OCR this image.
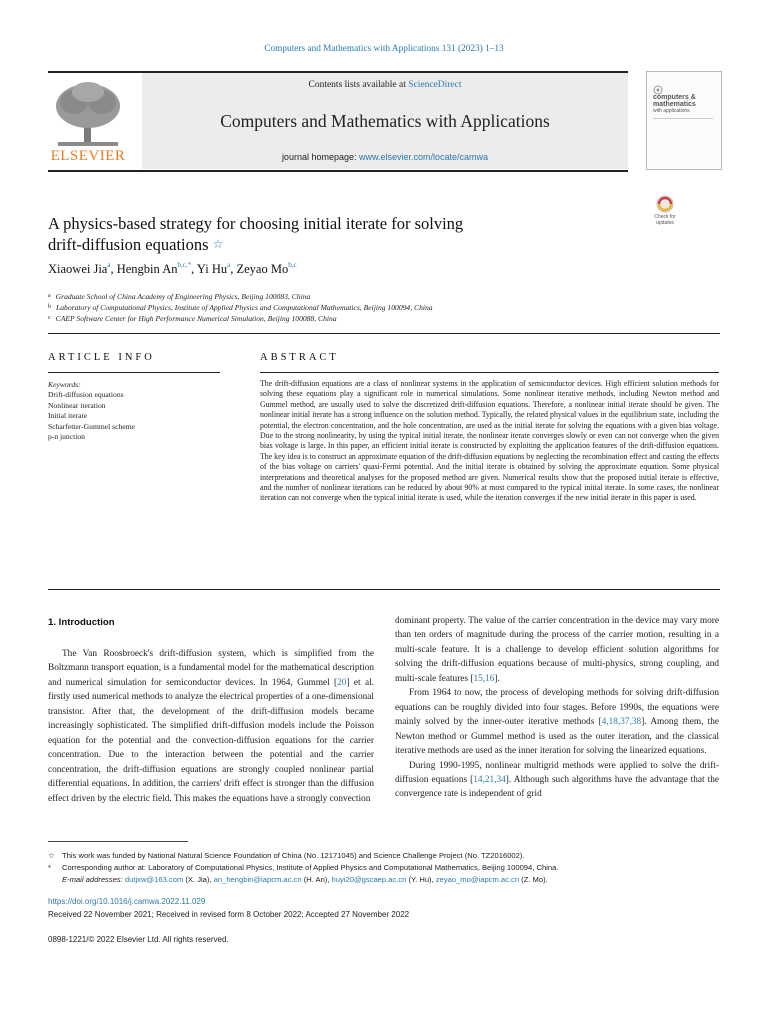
Computers and Mathematics with Applications 131 (2023) 1–13
ELSEVIER
Contents lists available at ScienceDirect
Computers and Mathematics with Applications
journal homepage: www.elsevier.com/locate/camwa
computers &
mathematics
with applications
A physics-based strategy for choosing initial iterate for solving
drift-diffusion equations ☆
Check for
updates
Xiaowei Jia$^a$, Hengbin $An^{b,c,*}$, Yi Hu$^a$, Zeyao Mo$^{b,c}$
$^a$ Graduate School of China Academy of Engineering Physics, Beijing 100083, China
$^b$ Laboratory of Computational Physics, Institute of Applied Physics and Computational Mathematics, Beijing 100094, China
$^c$ CAEP Software Center for High Performance Numerical Simulation, Beijing 100088, China
ARTICLE INFO	ABSTRACT
Keywords:
Drift-diffusion equations
Nonlinear iteration
Initial iterate
Scharfetter-Gummel scheme
p-n junction
The drift-diffusion equations are a class of nonlinear systems in the application of semiconductor devices. High efficient solution methods for solving these equations play a significant role in numerical simulations. Some nonlinear iterative methods, including Newton method and Gummel method, are usually used to solve the discretized drift-diffusion equations. Therefore, a nonlinear initial iterate should be given. The nonlinear initial iterate has a strong influence on the solution method. Typically, the related physical values in the equilibrium state, including the potential, the electron concentration, and the hole concentration, are used as the initial iterate for solving the equations with a given bias voltage. Due to the strong nonlinearity, by using the typical initial iterate, the nonlinear iterate converges slowly or even can not converge when the given bias voltage is large. In this paper, an efficient initial iterate is constructed by exploiting the application features of the drift-diffusion equations. The key idea is to construct an approximate equation of the drift-diffusion equations by neglecting the recombination effect and casting the effects of the bias voltage on carriers' quasi-Fermi potential. And the initial iterate is obtained by solving the approximate equation. Some physical interpretations and theoretical analyses for the proposed method are given. Numerical results show that the proposed initial iterate is effective, and the number of nonlinear iterations can be reduced by about 90% at most compared to the typical initial iterate. In some cases, the nonlinear iteration can not converge when the typical initial iterate is used, while the iteration converges if the new initial iterate in this paper is used.
1. Introduction

The Van Roosbroeck's drift-diffusion system, which is simplified from the Boltzmann transport equation, is a fundamental model for the mathematical description and numerical simulation for semiconductor devices. In 1964, Gummel [20] et al. firstly used numerical methods to analyze the electrical properties of a one-dimensional transistor. After that, the development of the drift-diffusion models became increasingly sophisticated. The simplified drift-diffusion models include the Poisson equation for the potential and the convection-diffusion equations for the carrier concentration. Due to the interaction between the potential and the carrier concentration, the drift-diffusion equations are strongly coupled nonlinear partial differential equations. In addition, the carriers' drift effect is stronger than the diffusion effect driven by the electric field. This makes the equations have a strongly convection

dominant property. The value of the carrier concentration in the device may vary more than ten orders of magnitude during the process of the carrier motion, resulting in a multi-scale feature. It is a challenge to develop efficient solution algorithms for solving the drift-diffusion equations because of multi-physics, strong coupling, and multi-scale features [15,16].

From 1964 to now, the process of developing methods for solving drift-diffusion equations can be roughly divided into four stages. Before 1990s, the equations were mainly solved by the inner-outer iterative methods [4,18,37,38]. Among them, the Newton method or Gummel method is used as the outer iteration, and the classical iterative methods are used as the inner iteration for solving the linearized equations.

During 1990-1995, nonlinear multigrid methods were applied to solve the drift-diffusion equations [14,21,34]. Although such algorithms have the advantage that the convergence rate is independent of grid

☆ This work was funded by National Natural Science Foundation of China (No. 12171045) and Science Challenge Project (No. TZ2016002).
* Corresponding author at: Laboratory of Computational Physics, Institute of Applied Physics and Computational Mathematics, Beijing 100094, China.
E-mail addresses: dutjxw@163.com (X. Jia), an_hengbin@iapcm.ac.cn (H. An), huyi20@gscaep.ac.cn (Y. Hu), zeyao_mo@iapcm.ac.cn (Z. Mo).
https://doi.org/10.1016/j.camwa.2022.11.029
Received 22 November 2021; Received in revised form 8 October 2022; Accepted 27 November 2022
0898-1221/© 2022 Elsevier Ltd. All rights reserved.
